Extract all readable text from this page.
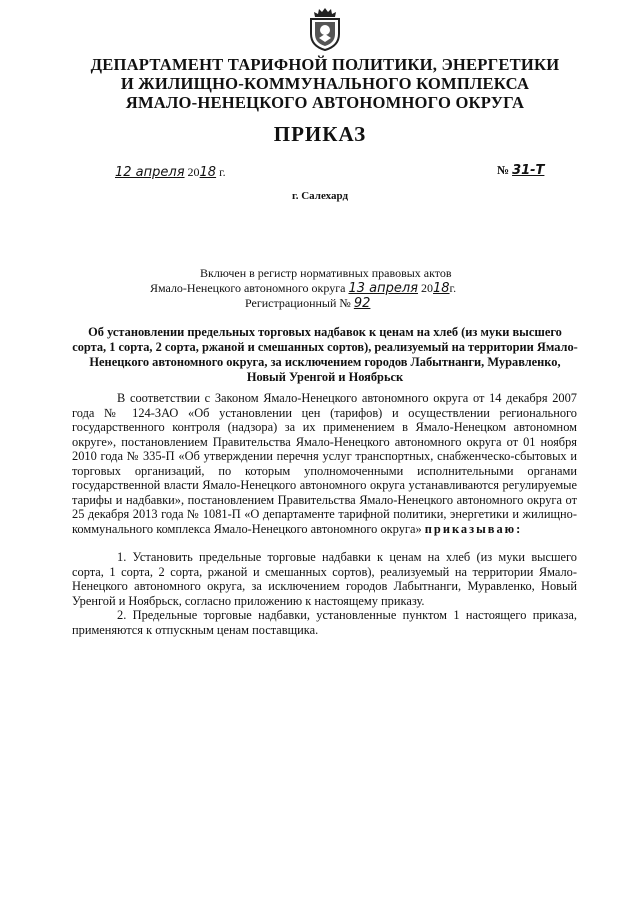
ДЕПАРТАМЕНТ ТАРИФНОЙ ПОЛИТИКИ, ЭНЕРГЕТИКИ
И ЖИЛИЩНО-КОММУНАЛЬНОГО КОМПЛЕКСА
ЯМАЛО-НЕНЕЦКОГО АВТОНОМНОГО ОКРУГА
ПРИКАЗ
12 апреля 2018 г.	№ 31-Т
г. Салехард
Включен в регистр нормативных правовых актов
Ямало-Ненецкого автономного округа 13 апреля 2018г.
Регистрационный № 92
Об установлении предельных торговых надбавок к ценам на хлеб (из муки высшего сорта, 1 сорта, 2 сорта, ржаной и смешанных сортов), реализуемый на территории Ямало-Ненецкого автономного округа, за исключением городов Лабытнанги, Муравленко, Новый Уренгой и Ноябрьск

В соответствии с Законом Ямало-Ненецкого автономного округа от 14 декабря 2007 года № 124-ЗАО «Об установлении цен (тарифов) и осуществлении регионального государственного контроля (надзора) за их применением в Ямало-Ненецком автономном округе», постановлением Правительства Ямало-Ненецкого автономного округа от 01 ноября 2010 года № 335-П «Об утверждении перечня услуг транспортных, снабженческо-сбытовых и торговых организаций, по которым уполномоченными исполнительными органами государственной власти Ямало-Ненецкого автономного округа устанавливаются регулируемые тарифы и надбавки», постановлением Правительства Ямало-Ненецкого автономного округа от 25 декабря 2013 года № 1081-П «О департаменте тарифной политики, энергетики и жилищно-коммунального комплекса Ямало-Ненецкого автономного округа» приказываю:

1. Установить предельные торговые надбавки к ценам на хлеб (из муки высшего сорта, 1 сорта, 2 сорта, ржаной и смешанных сортов), реализуемый на территории Ямало-Ненецкого автономного округа, за исключением городов Лабытнанги, Муравленко, Новый Уренгой и Ноябрьск, согласно приложению к настоящему приказу.

2. Предельные торговые надбавки, установленные пунктом 1 настоящего приказа, применяются к отпускным ценам поставщика.
